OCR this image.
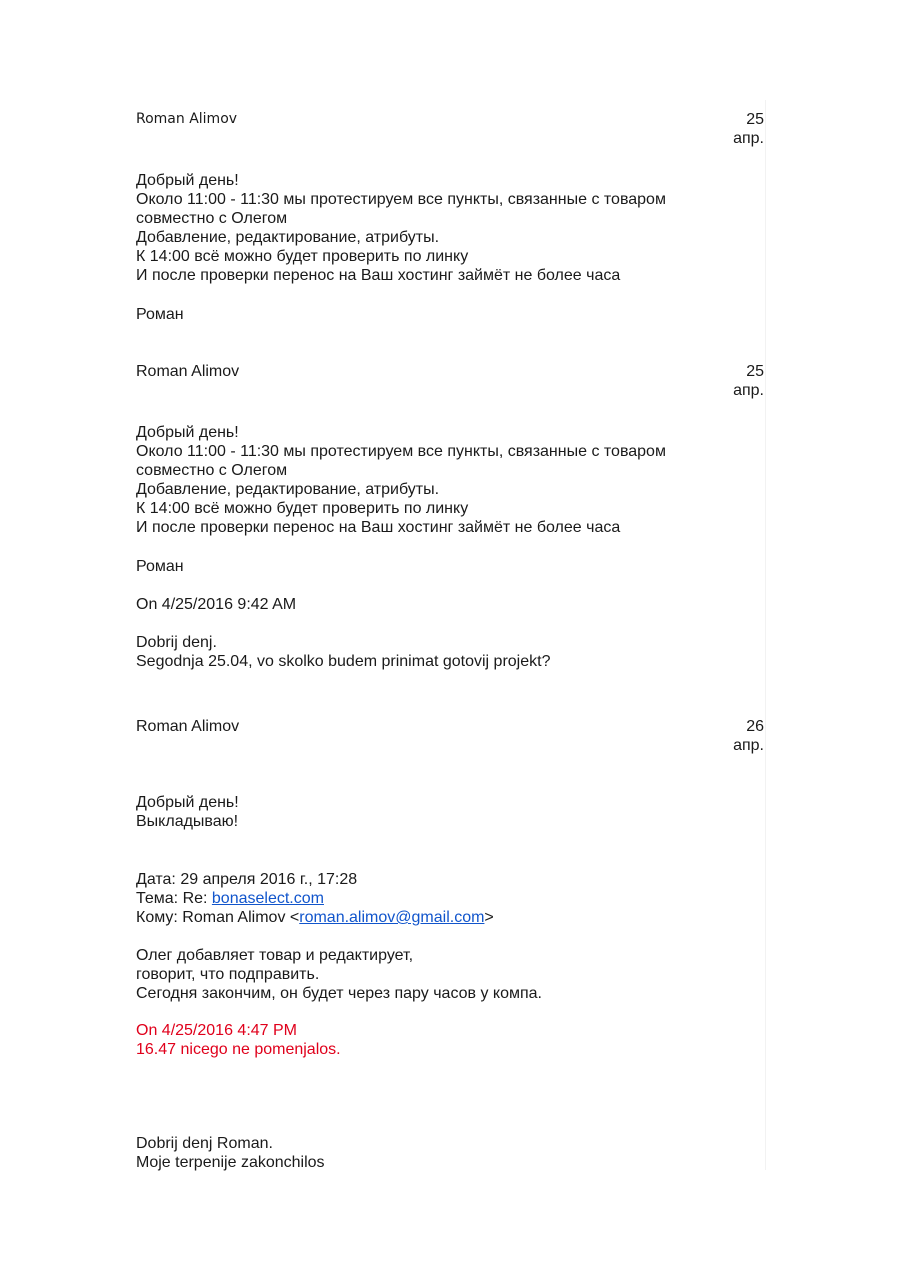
Roman Alimov	25
апр.
Добрый день!
Около 11:00 - 11:30 мы протестируем все пункты, связанные с товаром
совместно с Олегом
Добавление, редактирование, атрибуты.
К 14:00 всё можно будет проверить по линку
И после проверки перенос на Ваш хостинг займёт не более часа
Роман
Roman Alimov	25
апр.
Добрый день!
Около 11:00 - 11:30 мы протестируем все пункты, связанные с товаром
совместно с Олегом
Добавление, редактирование, атрибуты.
К 14:00 всё можно будет проверить по линку
И после проверки перенос на Ваш хостинг займёт не более часа
Роман
On 4/25/2016 9:42 AM
Dobrij denj.
Segodnja 25.04, vo skolko budem prinimat gotovij projekt?
Roman Alimov	26
апр.
Добрый день!
Выкладываю!
Дата: 29 апреля 2016 г., 17:28
Тема: Re: bonaselect.com
Кому: Roman Alimov <roman.alimov@gmail.com>
Олег добавляет товар и редактирует,
говорит, что подправить.
Сегодня закончим, он будет через пару часов у компа.
On 4/25/2016 4:47 PM
16.47 nicego ne pomenjalos.
Dobrij denj Roman.
Moje terpenije zakonchilos
